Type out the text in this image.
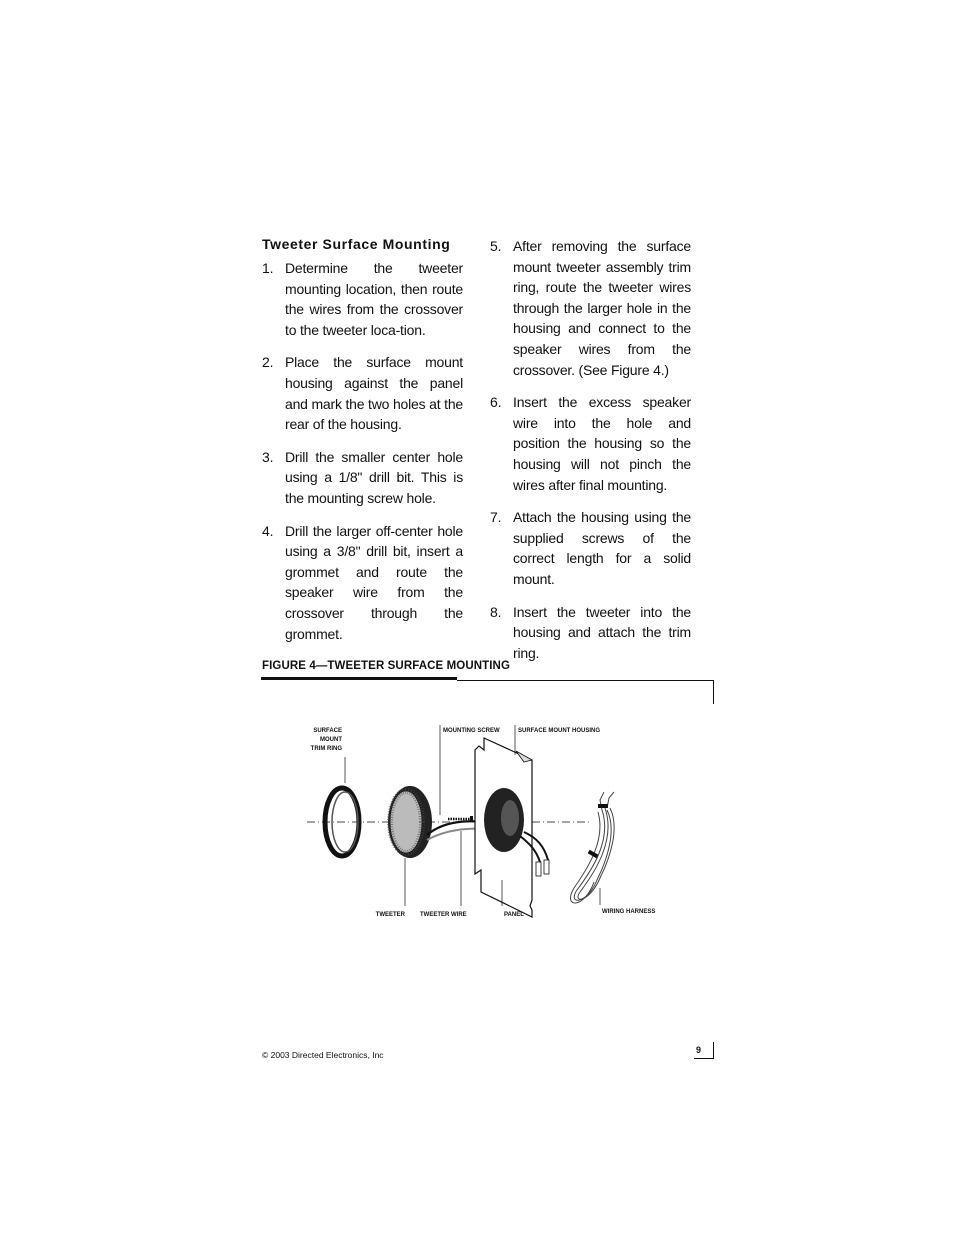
Tweeter Surface Mounting
1. Determine the tweeter mounting location, then route the wires from the crossover to the tweeter loca-tion.
2. Place the surface mount housing against the panel and mark the two holes at the rear of the housing.
3. Drill the smaller center hole using a 1/8" drill bit. This is the mounting screw hole.
4. Drill the larger off-center hole using a 3/8" drill bit, insert a grommet and route the speaker wire from the crossover through the grommet.
5. After removing the surface mount tweeter assembly trim ring, route the tweeter wires through the larger hole in the housing and connect to the speaker wires from the crossover. (See Figure 4.)
6. Insert the excess speaker wire into the hole and position the housing so the housing will not pinch the wires after final mounting.
7. Attach the housing using the supplied screws of the correct length for a solid mount.
8. Insert the tweeter into the housing and attach the trim ring.
FIGURE 4—TWEETER SURFACE MOUNTING
SURFACE
MOUNT
TRIM RING
MOUNTING SCREW	SURFACE MOUNT HOUSING
TWEETER	TWEETER WIRE	PANEL	WIRING HARNESS
© 2003 Directed Electronics, Inc	9
